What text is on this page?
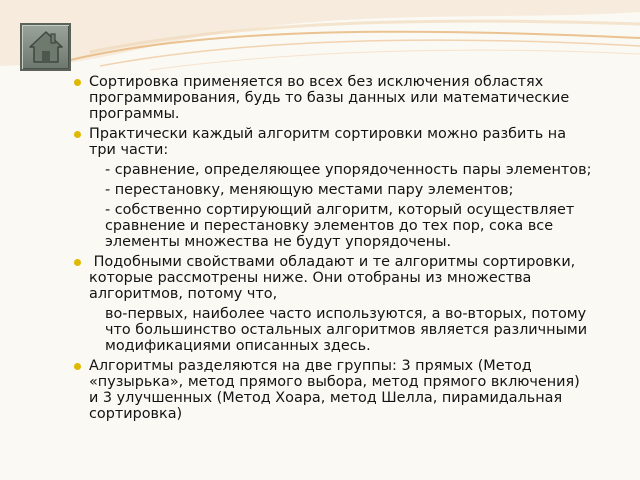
Сортировка применяется во всех без исключения областях программирования, будь то базы данных или математические программы.
Практически каждый алгоритм сортировки можно разбить на три части:
- сравнение, определяющее упорядоченность пары элементов;
- перестановку, меняющую местами пару элементов;
- собственно сортирующий алгоритм, который осуществляет сравнение и перестановку элементов до тех пор, сока все элементы множества не будут упорядочены.
Подобными свойствами обладают и те алгоритмы сортировки, которые рассмотрены ниже. Они отобраны из множества алгоритмов, потому что,
во-первых, наиболее часто используются, а во-вторых, потому что большинство остальных алгоритмов является различными модификациями описанных здесь.
Алгоритмы разделяются на две группы: 3 прямых (Метод «пузырька», метод прямого выбора, метод прямого включения) и 3 улучшенных (Метод Хоара, метод Шелла, пирамидальная сортировка)
